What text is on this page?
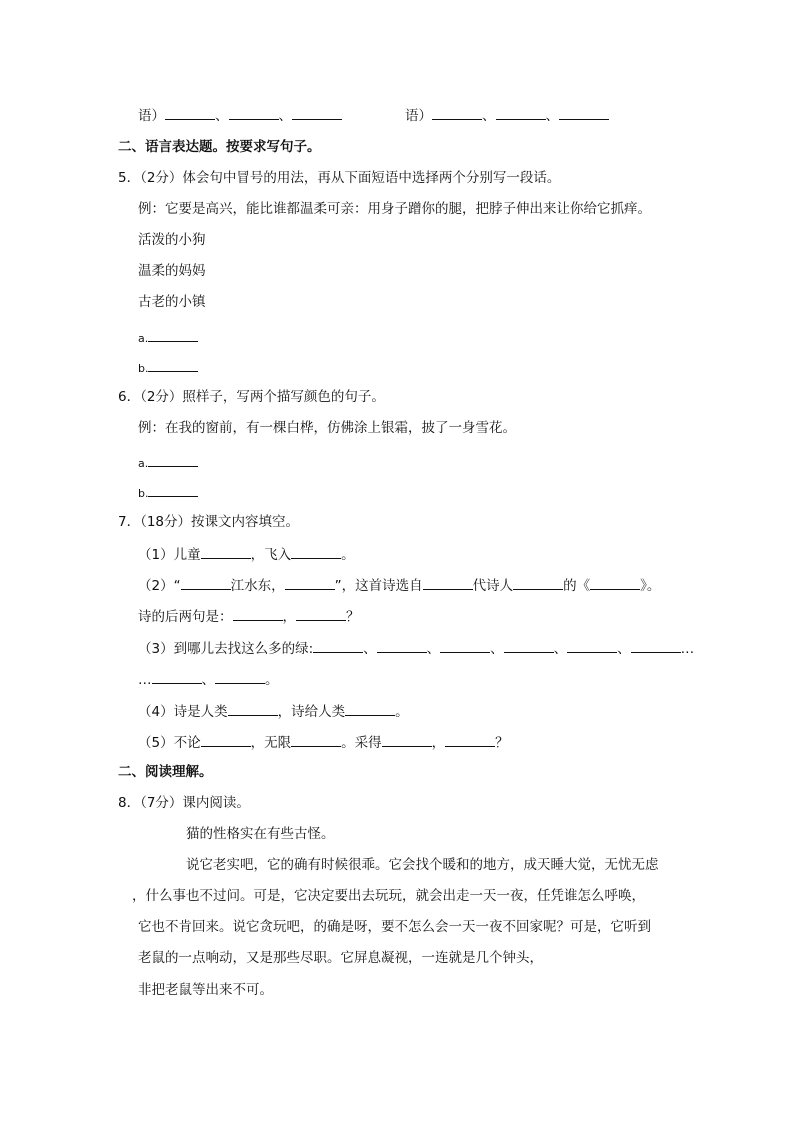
语）	、	、	语）	、	、
二、语言表达题。按要求写句子。
5．（2分）体会句中冒号的用法，再从下面短语中选择两个分别写一段话。
例：它要是高兴，能比谁都温柔可亲：用身子蹭你的腿，把脖子伸出来让你给它抓痒。
活泼的小狗
温柔的妈妈
古老的小镇
a.
b.
6．（2分）照样子，写两个描写颜色的句子。
例：在我的窗前，有一棵白桦，仿佛涂上银霜，披了一身雪花。
a.
b.
7．（18分）按课文内容填空。
（1）儿童	，飞入	。
（2）“	江水东，	”，这首诗选自	代诗人	的《	》。
诗的后两句是：	，	？
（3）到哪儿去找这么多的绿:	、	、	、	、	、	…
…	、	。
（4）诗是人类	，诗给人类	。
（5）不论	，无限	。采得	，	？
二、阅读理解。
8．（7分）课内阅读。
猫的性格实在有些古怪。
说它老实吧，它的确有时候很乖。它会找个暖和的地方，成天睡大觉，无忧无虑
，什么事也不过问。可是，它决定要出去玩玩，就会出走一天一夜，任凭谁怎么呼唤，
它也不肯回来。说它贪玩吧，的确是呀，要不怎么会一天一夜不回家呢？可是，它听到
老鼠的一点响动，又是那些尽职。它屏息凝视，一连就是几个钟头，
非把老鼠等出来不可。
